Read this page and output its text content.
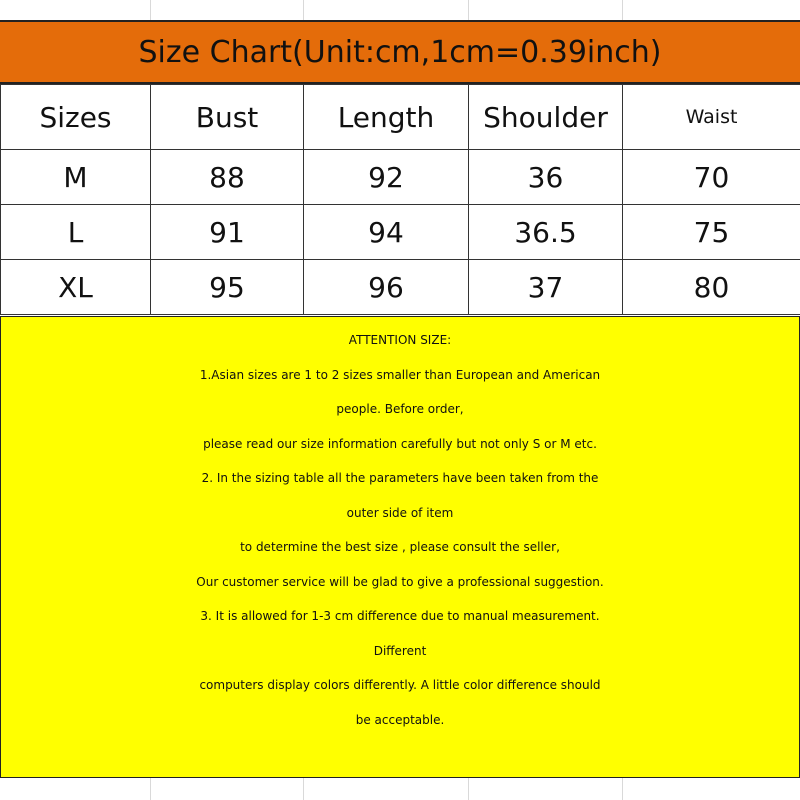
Size Chart(Unit:cm,1cm=0.39inch)
Sizes	Bust	Length	Shoulder	Waist
M	88	92	36	70
L	91	94	36.5	75
XL	95	96	37	80
ATTENTION SIZE:
1.Asian sizes are 1 to 2 sizes smaller than European and American
people. Before order,
please read our size information carefully but not only S or M etc.
2. In the sizing table all the parameters have been taken from the
outer side of item
to determine the best size , please consult the seller,
Our customer service will be glad to give a professional suggestion.
3. It is allowed for 1-3 cm difference due to manual measurement.
Different
computers display colors differently. A little color difference should
be acceptable.
